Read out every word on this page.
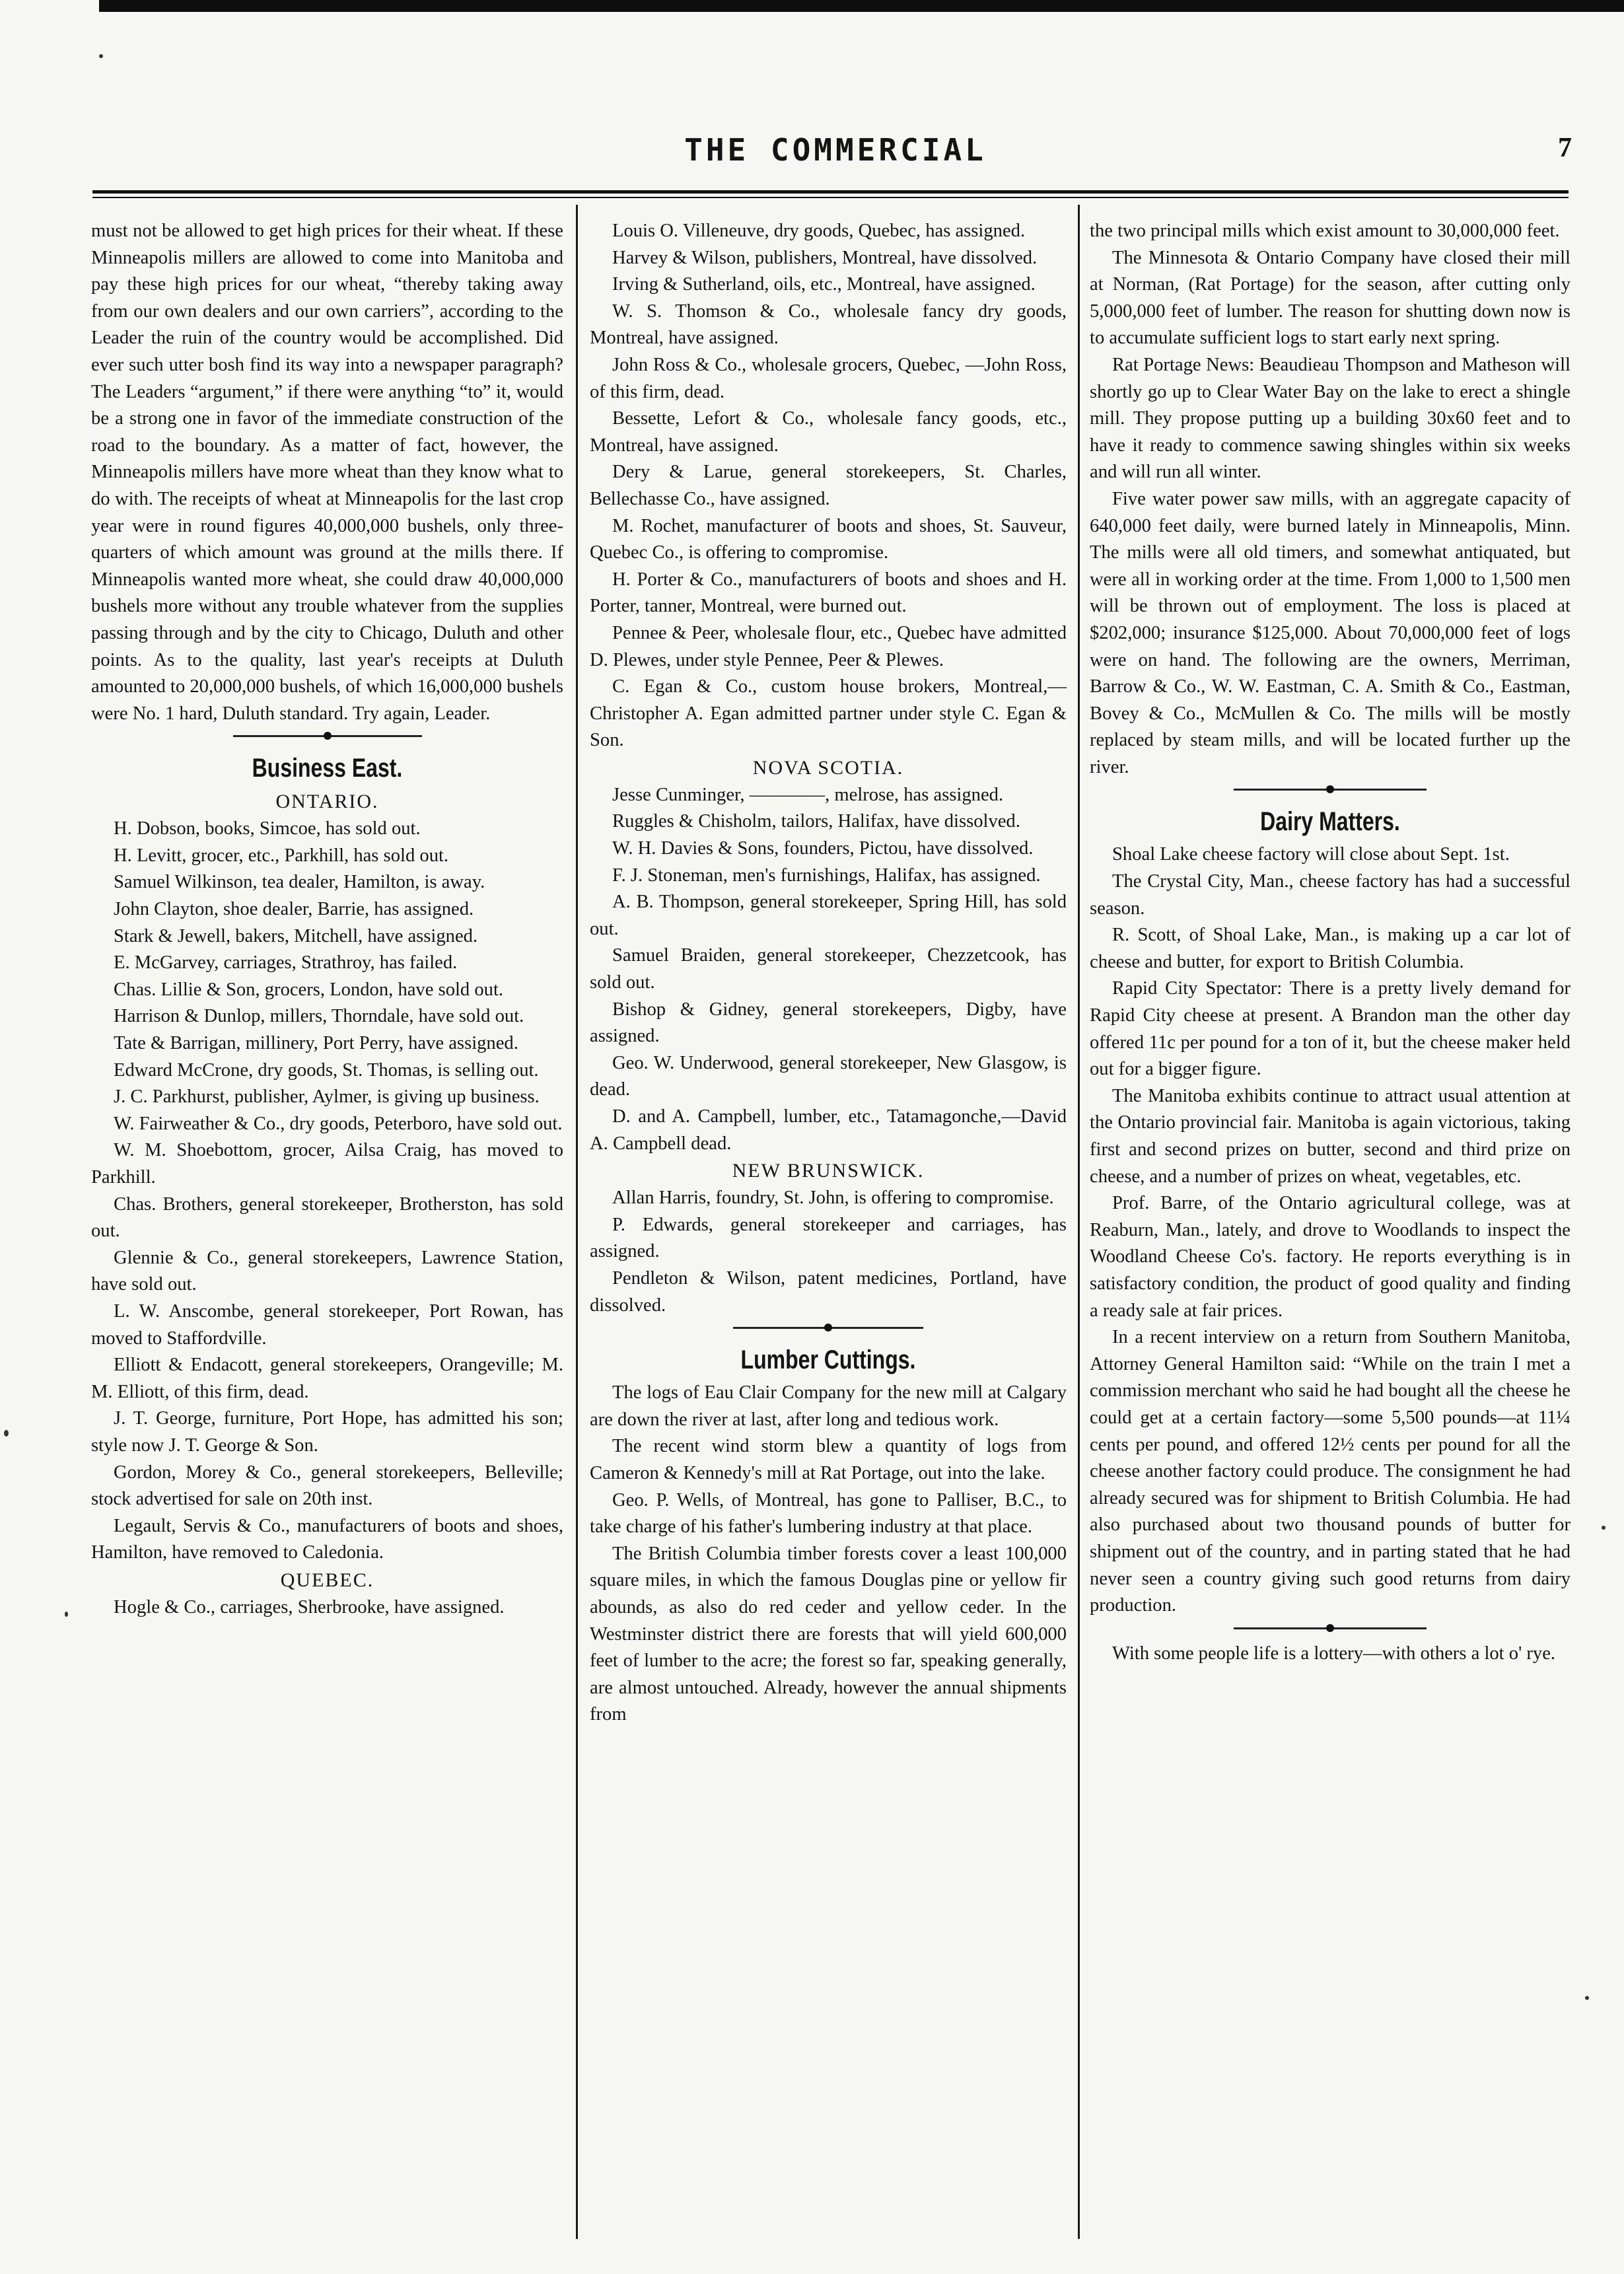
THE COMMERCIAL	7

must not be allowed to get high prices for their wheat. If these Minneapolis millers are allowed to come into Manitoba and pay these high prices for our wheat, “thereby taking away from our own dealers and our own carriers”, according to the Leader the ruin of the country would be accomplished. Did ever such utter bosh find its way into a newspaper paragraph? The Leaders “argument,” if there were anything “to” it, would be a strong one in favor of the immediate construction of the road to the boundary. As a matter of fact, however, the Minneapolis millers have more wheat than they know what to do with. The receipts of wheat at Minneapolis for the last crop year were in round figures 40,000,000 bushels, only three-quarters of which amount was ground at the mills there. If Minneapolis wanted more wheat, she could draw 40,000,000 bushels more without any trouble whatever from the supplies passing through and by the city to Chicago, Duluth and other points. As to the quality, last year's receipts at Duluth amounted to 20,000,000 bushels, of which 16,000,000 bushels were No. 1 hard, Duluth standard. Try again, Leader.

Business East.
ONTARIO.

H. Dobson, books, Simcoe, has sold out.

H. Levitt, grocer, etc., Parkhill, has sold out.

Samuel Wilkinson, tea dealer, Hamilton, is away.

John Clayton, shoe dealer, Barrie, has assigned.

Stark & Jewell, bakers, Mitchell, have assigned.

E. McGarvey, carriages, Strathroy, has failed.

Chas. Lillie & Son, grocers, London, have sold out.

Harrison & Dunlop, millers, Thorndale, have sold out.

Tate & Barrigan, millinery, Port Perry, have assigned.

Edward McCrone, dry goods, St. Thomas, is selling out.

J. C. Parkhurst, publisher, Aylmer, is giving up business.

W. Fairweather & Co., dry goods, Peterboro, have sold out.

W. M. Shoebottom, grocer, Ailsa Craig, has moved to Parkhill.

Chas. Brothers, general storekeeper, Brotherston, has sold out.

Glennie & Co., general storekeepers, Lawrence Station, have sold out.

L. W. Anscombe, general storekeeper, Port Rowan, has moved to Staffordville.

Elliott & Endacott, general storekeepers, Orangeville; M. M. Elliott, of this firm, dead.

J. T. George, furniture, Port Hope, has admitted his son; style now J. T. George & Son.

Gordon, Morey & Co., general storekeepers, Belleville; stock advertised for sale on 20th inst.

Legault, Servis & Co., manufacturers of boots and shoes, Hamilton, have removed to Caledonia.

QUEBEC.

Hogle & Co., carriages, Sherbrooke, have assigned.

Louis O. Villeneuve, dry goods, Quebec, has assigned.

Harvey & Wilson, publishers, Montreal, have dissolved.

Irving & Sutherland, oils, etc., Montreal, have assigned.

W. S. Thomson & Co., wholesale fancy dry goods, Montreal, have assigned.

John Ross & Co., wholesale grocers, Quebec, —John Ross, of this firm, dead.

Bessette, Lefort & Co., wholesale fancy goods, etc., Montreal, have assigned.

Dery & Larue, general storekeepers, St. Charles, Bellechasse Co., have assigned.

M. Rochet, manufacturer of boots and shoes, St. Sauveur, Quebec Co., is offering to compromise.

H. Porter & Co., manufacturers of boots and shoes and H. Porter, tanner, Montreal, were burned out.

Pennee & Peer, wholesale flour, etc., Quebec have admitted D. Plewes, under style Pennee, Peer & Plewes.

C. Egan & Co., custom house brokers, Montreal,—Christopher A. Egan admitted partner under style C. Egan & Son.

NOVA SCOTIA.

Jesse Cunminger, ————, melrose, has assigned.

Ruggles & Chisholm, tailors, Halifax, have dissolved.

W. H. Davies & Sons, founders, Pictou, have dissolved.

F. J. Stoneman, men's furnishings, Halifax, has assigned.

A. B. Thompson, general storekeeper, Spring Hill, has sold out.

Samuel Braiden, general storekeeper, Chezzetcook, has sold out.

Bishop & Gidney, general storekeepers, Digby, have assigned.

Geo. W. Underwood, general storekeeper, New Glasgow, is dead.

D. and A. Campbell, lumber, etc., Tatamagonche,—David A. Campbell dead.

NEW BRUNSWICK.

Allan Harris, foundry, St. John, is offering to compromise.

P. Edwards, general storekeeper and carriages, has assigned.

Pendleton & Wilson, patent medicines, Portland, have dissolved.

Lumber Cuttings.

The logs of Eau Clair Company for the new mill at Calgary are down the river at last, after long and tedious work.

The recent wind storm blew a quantity of logs from Cameron & Kennedy's mill at Rat Portage, out into the lake.

Geo. P. Wells, of Montreal, has gone to Palliser, B.C., to take charge of his father's lumbering industry at that place.

The British Columbia timber forests cover a least 100,000 square miles, in which the famous Douglas pine or yellow fir abounds, as also do red ceder and yellow ceder. In the Westminster district there are forests that will yield 600,000 feet of lumber to the acre; the forest so far, speaking generally, are almost untouched. Already, however the annual shipments from

the two principal mills which exist amount to 30,000,000 feet.

The Minnesota & Ontario Company have closed their mill at Norman, (Rat Portage) for the season, after cutting only 5,000,000 feet of lumber. The reason for shutting down now is to accumulate sufficient logs to start early next spring.

Rat Portage News: Beaudieau Thompson and Matheson will shortly go up to Clear Water Bay on the lake to erect a shingle mill. They propose putting up a building 30x60 feet and to have it ready to commence sawing shingles within six weeks and will run all winter.

Five water power saw mills, with an aggregate capacity of 640,000 feet daily, were burned lately in Minneapolis, Minn. The mills were all old timers, and somewhat antiquated, but were all in working order at the time. From 1,000 to 1,500 men will be thrown out of employment. The loss is placed at $202,000; insurance $125,000. About 70,000,000 feet of logs were on hand. The following are the owners, Merriman, Barrow & Co., W. W. Eastman, C. A. Smith & Co., Eastman, Bovey & Co., McMullen & Co. The mills will be mostly replaced by steam mills, and will be located further up the river.

Dairy Matters.

Shoal Lake cheese factory will close about Sept. 1st.

The Crystal City, Man., cheese factory has had a successful season.

R. Scott, of Shoal Lake, Man., is making up a car lot of cheese and butter, for export to British Columbia.

Rapid City Spectator: There is a pretty lively demand for Rapid City cheese at present. A Brandon man the other day offered 11c per pound for a ton of it, but the cheese maker held out for a bigger figure.

The Manitoba exhibits continue to attract usual attention at the Ontario provincial fair. Manitoba is again victorious, taking first and second prizes on butter, second and third prize on cheese, and a number of prizes on wheat, vegetables, etc.

Prof. Barre, of the Ontario agricultural college, was at Reaburn, Man., lately, and drove to Woodlands to inspect the Woodland Cheese Co's. factory. He reports everything is in satisfactory condition, the product of good quality and finding a ready sale at fair prices.

In a recent interview on a return from Southern Manitoba, Attorney General Hamilton said: “While on the train I met a commission merchant who said he had bought all the cheese he could get at a certain factory—some 5,500 pounds—at 11¼ cents per pound, and offered 12½ cents per pound for all the cheese another factory could produce. The consignment he had already secured was for shipment to British Columbia. He had also purchased about two thousand pounds of butter for shipment out of the country, and in parting stated that he had never seen a country giving such good returns from dairy production.

With some people life is a lottery—with others a lot o' rye.
